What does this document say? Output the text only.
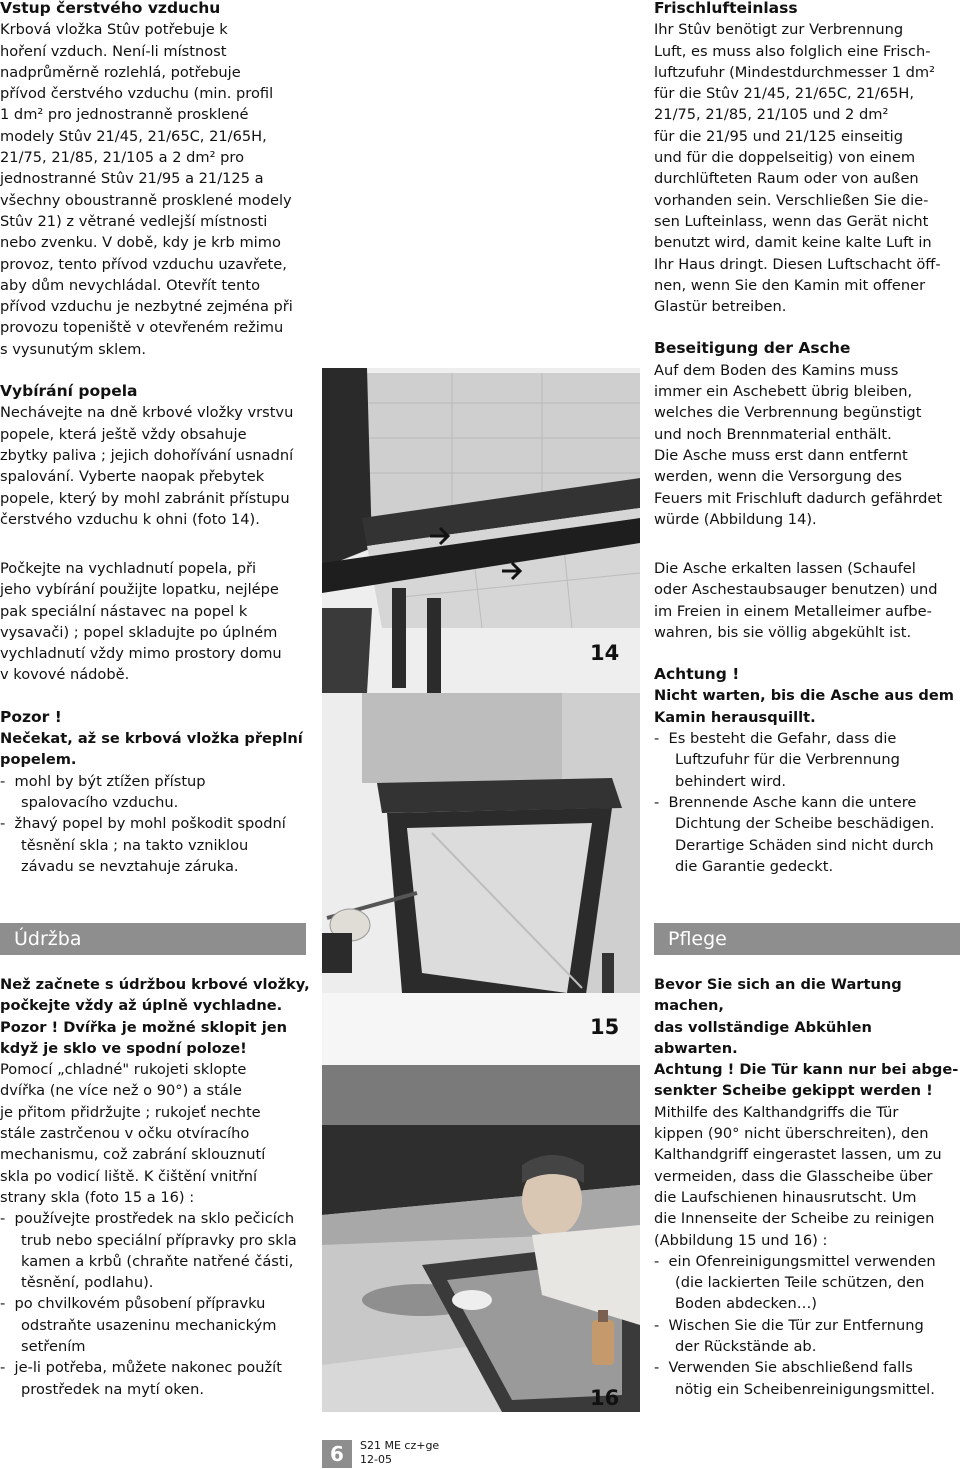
Vstup čerstvého vzduchu

Krbová vložka Stûv potřebuje k

hoření vzduch. Není-li místnost

nadprůměrně rozlehlá, potřebuje

přívod čerstvého vzduchu (min. profil

1 dm² pro jednostranně prosklené

modely Stûv 21/45, 21/65C, 21/65H,

21/75, 21/85, 21/105 a 2 dm² pro

jednostranné Stûv 21/95 a 21/125 a

všechny oboustranně prosklené modely

Stûv 21) z větrané vedlejší místnosti

nebo zvenku. V době, kdy je krb mimo

provoz, tento přívod vzduchu uzavřete,

aby dům nevychládal. Otevřít tento

přívod vzduchu je nezbytné zejména při

provozu topeniště v otevřeném režimu

s vysunutým sklem.

Vybírání popela

Nechávejte na dně krbové vložky vrstvu

popele, která ještě vždy obsahuje

zbytky paliva ; jejich dohořívání usnadní

spalování. Vyberte naopak přebytek

popele, který by mohl zabránit přístupu

čerstvého vzduchu k ohni (foto 14).

Počkejte na vychladnutí popela, při

jeho vybírání použijte lopatku, nejlépe

pak speciální nástavec na popel k

vysavači) ; popel skladujte po úplném

vychladnutí vždy mimo prostory domu

v kovové nádobě.

Pozor !

Nečekat, až se krbová vložka přeplní

popelem.

- mohl by být ztížen přístup
spalovacího vzduchu.
- žhavý popel by mohl poškodit spodní
těsnění skla ; na takto vzniklou
závadu se nevztahuje záruka.
Údržba

Než začnete s údržbou krbové vložky,

počkejte vždy až úplně vychladne.

Pozor ! Dvířka je možné sklopit jen

když je sklo ve spodní poloze!

Pomocí „chladné" rukojeti sklopte

dvířka (ne více než o 90°) a stále

je přitom přidržujte ; rukojeť nechte

stále zastrčenou v očku otvíracího

mechanismu, což zabrání sklouznutí

skla po vodicí liště. K čištění vnitřní

strany skla (foto 15 a 16) :

- používejte prostředek na sklo pečicích
trub nebo speciální přípravky pro skla
kamen a krbů (chraňte natřené části,
těsnění, podlahu).
- po chvilkovém působení přípravku
odstraňte usazeninu mechanickým
setřením
- je-li potřeba, můžete nakonec použít
prostředek na mytí oken.
14
15
16
Frischlufteinlass

Ihr Stûv benötigt zur Verbrennung

Luft, es muss also folglich eine Frisch-

luftzufuhr (Mindestdurchmesser 1 dm²

für die Stûv 21/45, 21/65C, 21/65H,

21/75, 21/85, 21/105 und 2 dm²

für die 21/95 und 21/125 einseitig

und für die doppelseitig) von einem

durchlüfteten Raum oder von außen

vorhanden sein. Verschließen Sie die-

sen Lufteinlass, wenn das Gerät nicht

benutzt wird, damit keine kalte Luft in

Ihr Haus dringt. Diesen Luftschacht öff-

nen, wenn Sie den Kamin mit offener

Glastür betreiben.

Beseitigung der Asche

Auf dem Boden des Kamins muss

immer ein Aschebett übrig bleiben,

welches die Verbrennung begünstigt

und noch Brennmaterial enthält.

Die Asche muss erst dann entfernt

werden, wenn die Versorgung des

Feuers mit Frischluft dadurch gefährdet

würde (Abbildung 14).

Die Asche erkalten lassen (Schaufel

oder Aschestaubsauger benutzen) und

im Freien in einem Metalleimer aufbe-

wahren, bis sie völlig abgekühlt ist.

Achtung !

Nicht warten, bis die Asche aus dem

Kamin herausquillt.

- Es besteht die Gefahr, dass die
Luftzufuhr für die Verbrennung
behindert wird.
- Brennende Asche kann die untere
Dichtung der Scheibe beschädigen.
Derartige Schäden sind nicht durch
die Garantie gedeckt.
Pflege

Bevor Sie sich an die Wartung machen,

das vollständige Abkühlen abwarten.

Achtung ! Die Tür kann nur bei abge-

senkter Scheibe gekippt werden !

Mithilfe des Kalthandgriffs die Tür

kippen (90° nicht überschreiten), den

Kalthandgriff eingerastet lassen, um zu

vermeiden, dass die Glasscheibe über

die Laufschienen hinausrutscht. Um

die Innenseite der Scheibe zu reinigen

(Abbildung 15 und 16) :

- ein Ofenreinigungsmittel verwenden
(die lackierten Teile schützen, den
Boden abdecken…)
- Wischen Sie die Tür zur Entfernung
der Rückstände ab.
- Verwenden Sie abschließend falls
nötig ein Scheibenreinigungsmittel.
6	S21 ME cz+ge
12-05
